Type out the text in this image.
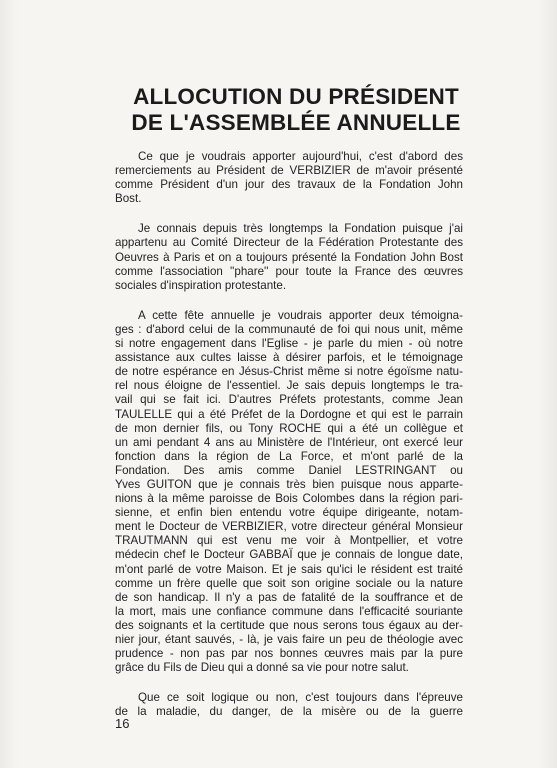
ALLOCUTION DU PRÉSIDENT
DE L'ASSEMBLÉE ANNUELLE
Ce que je voudrais apporter aujourd'hui, c'est d'abord des
remerciements au Président de VERBIZIER de m'avoir présenté
comme Président d'un jour des travaux de la Fondation John
Bost.
Je connais depuis très longtemps la Fondation puisque j'ai
appartenu au Comité Directeur de la Fédération Protestante des
Oeuvres à Paris et on a toujours présenté la Fondation John Bost
comme l'association ''phare'' pour toute la France des œuvres
sociales d'inspiration protestante.
A cette fête annuelle je voudrais apporter deux témoigna-
ges : d'abord celui de la communauté de foi qui nous unit, même
si notre engagement dans l'Eglise - je parle du mien - où notre
assistance aux cultes laisse à désirer parfois, et le témoignage
de notre espérance en Jésus-Christ même si notre égoïsme natu-
rel nous éloigne de l'essentiel. Je sais depuis longtemps le tra-
vail qui se fait ici. D'autres Préfets protestants, comme Jean
TAULELLE qui a été Préfet de la Dordogne et qui est le parrain
de mon dernier fils, ou Tony ROCHE qui a été un collègue et
un ami pendant 4 ans au Ministère de l'Intérieur, ont exercé leur
fonction dans la région de La Force, et m'ont parlé de la
Fondation. Des amis comme Daniel LESTRINGANT ou
Yves GUITON que je connais très bien puisque nous apparte-
nions à la même paroisse de Bois Colombes dans la région pari-
sienne, et enfin bien entendu votre équipe dirigeante, notam-
ment le Docteur de VERBIZIER, votre directeur général Monsieur
TRAUTMANN qui est venu me voir à Montpellier, et votre
médecin chef le Docteur GABBAÏ que je connais de longue date,
m'ont parlé de votre Maison. Et je sais qu'ici le résident est traité
comme un frère quelle que soit son origine sociale ou la nature
de son handicap. Il n'y a pas de fatalité de la souffrance et de
la mort, mais une confiance commune dans l'efficacité souriante
des soignants et la certitude que nous serons tous égaux au der-
nier jour, étant sauvés, - là, je vais faire un peu de théologie avec
prudence - non pas par nos bonnes œuvres mais par la pure
grâce du Fils de Dieu qui a donné sa vie pour notre salut.
Que ce soit logique ou non, c'est toujours dans l'épreuve
de la maladie, du danger, de la misère ou de la guerre
16
